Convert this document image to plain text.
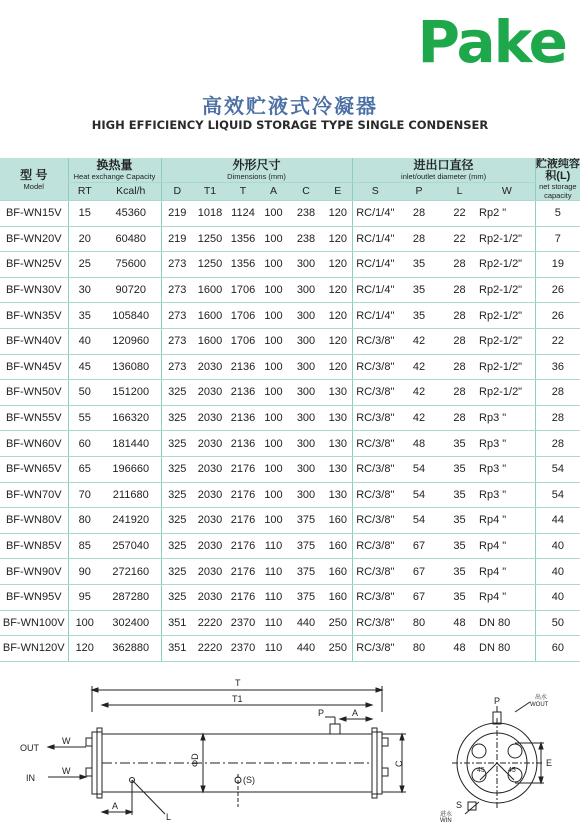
Pake
高效贮液式冷凝器
HIGH EFFICIENCY LIQUID STORAGE TYPE SINGLE CONDENSER
型 号
Model	换热量
Heat exchange Capacity		外形尺寸
Dimensions (mm)						进出口直径
inlet/outlet diameter (mm)				贮液纯容积(L)
net storage capacity

	RT	Kcal/h	D	T1	T	A	C	E	S	P	L	W	
BF-WN15V	15	45360	219	1018	1124	100	238	120	RC/1/4"	28	22	Rp2 "	5
BF-WN20V	20	60480	219	1250	1356	100	238	120	RC/1/4"	28	22	Rp2-1/2"	7
BF-WN25V	25	75600	273	1250	1356	100	300	120	RC/1/4"	35	28	Rp2-1/2"	19
BF-WN30V	30	90720	273	1600	1706	100	300	120	RC/1/4"	35	28	Rp2-1/2"	26
BF-WN35V	35	105840	273	1600	1706	100	300	120	RC/1/4"	35	28	Rp2-1/2"	26
BF-WN40V	40	120960	273	1600	1706	100	300	120	RC/3/8"	42	28	Rp2-1/2"	22
BF-WN45V	45	136080	273	2030	2136	100	300	120	RC/3/8"	42	28	Rp2-1/2"	36
BF-WN50V	50	151200	325	2030	2136	100	300	130	RC/3/8"	42	28	Rp2-1/2"	28
BF-WN55V	55	166320	325	2030	2136	100	300	130	RC/3/8"	42	28	Rp3 "	28
BF-WN60V	60	181440	325	2030	2136	100	300	130	RC/3/8"	48	35	Rp3 "	28
BF-WN65V	65	196660	325	2030	2176	100	300	130	RC/3/8"	54	35	Rp3 "	54
BF-WN70V	70	211680	325	2030	2176	100	300	130	RC/3/8"	54	35	Rp3 "	54
BF-WN80V	80	241920	325	2030	2176	100	375	160	RC/3/8"	54	35	Rp4 "	44
BF-WN85V	85	257040	325	2030	2176	110	375	160	RC/3/8"	67	35	Rp4 "	40
BF-WN90V	90	272160	325	2030	2176	110	375	160	RC/3/8"	67	35	Rp4 "	40
BF-WN95V	95	287280	325	2030	2176	110	375	160	RC/3/8"	67	35	Rp4 "	40
BF-WN100V	100	302400	351	2220	2370	110	440	250	RC/3/8"	80	48	DN 80	50
BF-WN120V	120	362880	351	2220	2370	110	440	250	RC/3/8"	80	48	DN 80	60
T
T1
P	A
A
L
ΦD	C
(S)
OUT
W
IN
W
P
E
S
45	45
出水
WOUT
进水
WIN
